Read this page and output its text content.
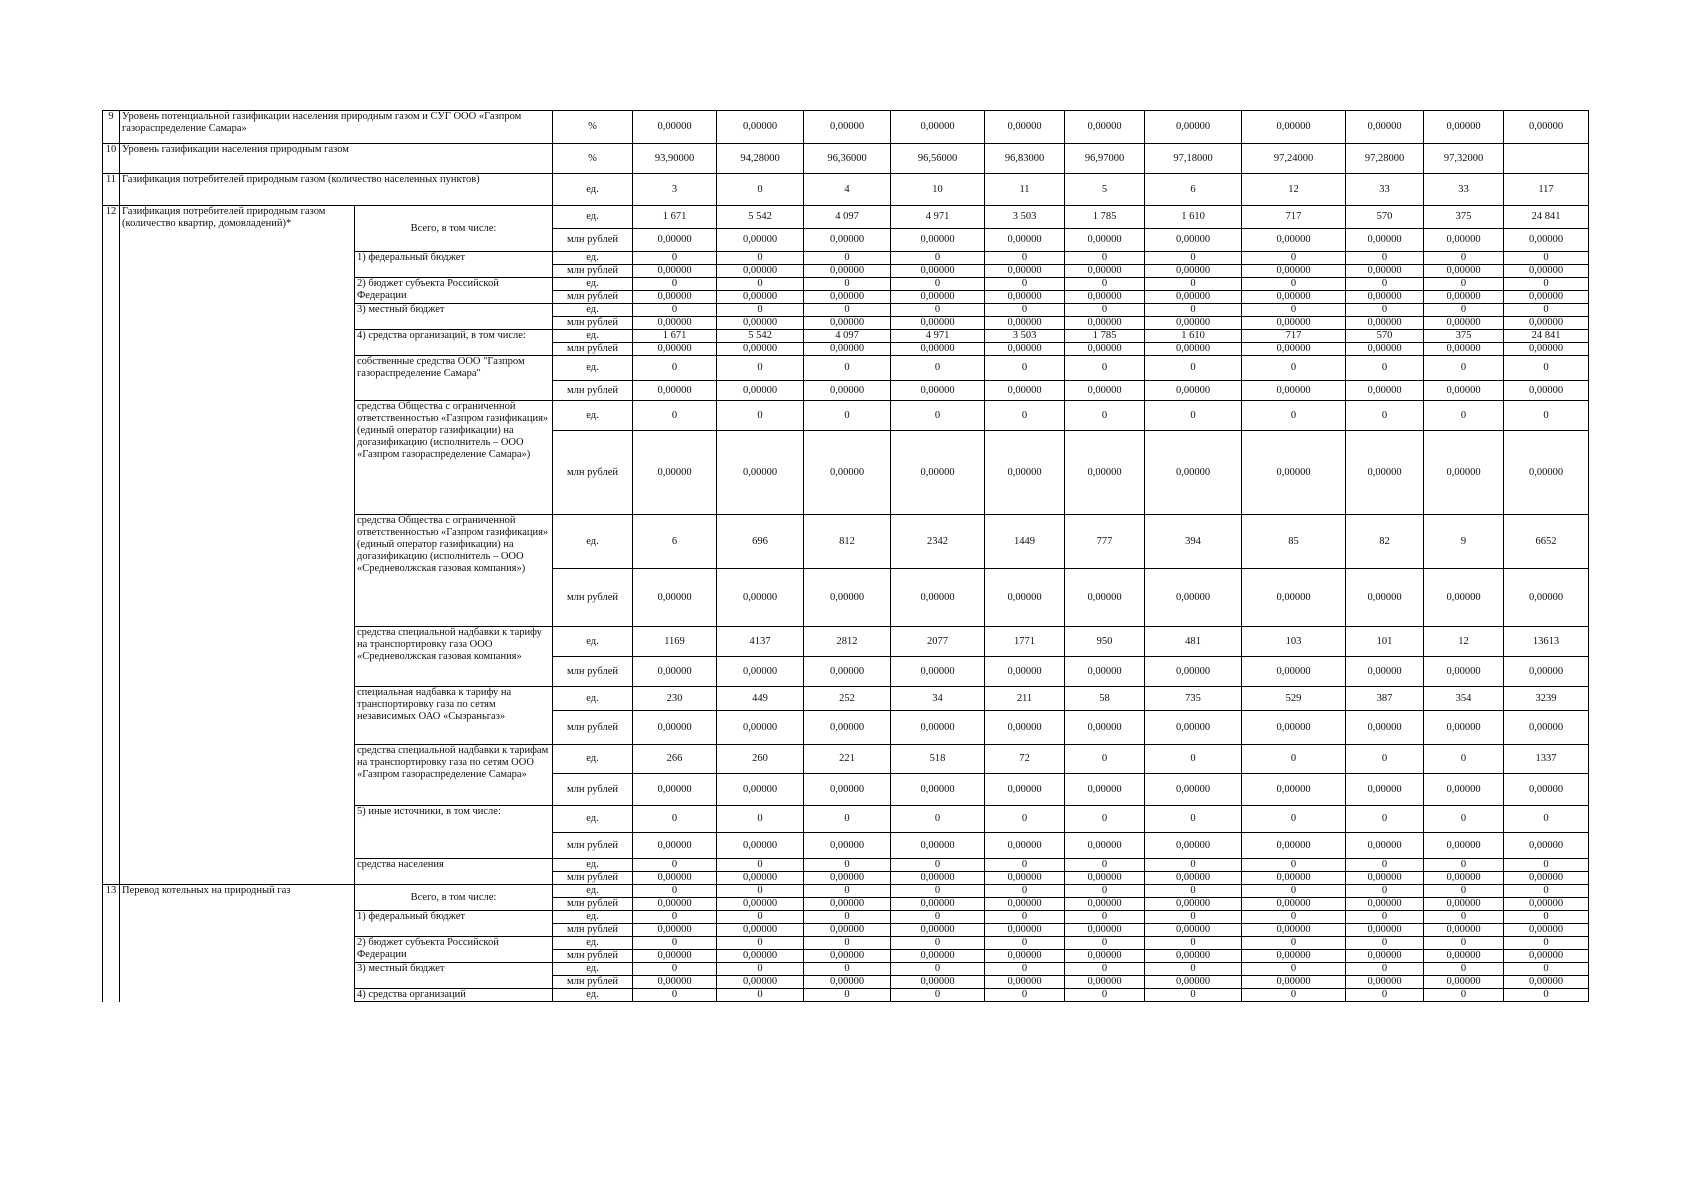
9	Уровень потенциальной газификации населения природным газом и СУГ ООО «Газпром газораспределение Самара»		%	0,00000	0,00000	0,00000	0,00000	0,00000	0,00000	0,00000	0,00000	0,00000	0,00000	0,00000
10	Уровень газификации населения природным газом		%	93,90000	94,28000	96,36000	96,56000	96,83000	96,97000	97,18000	97,24000	97,28000	97,32000	
11	Газификация потребителей природным газом (количество населенных пунктов)		ед.	3	0	4	10	11	5	6	12	33	33	117
12	Газификация потребителей природным газом (количество квартир, домовладений)*	Всего, в том числе:	ед.	1 671	5 542	4 097	4 971	3 503	1 785	1 610	717	570	375	24 841
			млн рублей	0,00000	0,00000	0,00000	0,00000	0,00000	0,00000	0,00000	0,00000	0,00000	0,00000	0,00000
		1) федеральный бюджет	ед.	0	0	0	0	0	0	0	0	0	0	0
			млн рублей	0,00000	0,00000	0,00000	0,00000	0,00000	0,00000	0,00000	0,00000	0,00000	0,00000	0,00000
		2) бюджет субъекта Российской Федерации	ед.	0	0	0	0	0	0	0	0	0	0	0
			млн рублей	0,00000	0,00000	0,00000	0,00000	0,00000	0,00000	0,00000	0,00000	0,00000	0,00000	0,00000
		3) местный бюджет	ед.	0	0	0	0	0	0	0	0	0	0	0
			млн рублей	0,00000	0,00000	0,00000	0,00000	0,00000	0,00000	0,00000	0,00000	0,00000	0,00000	0,00000
		4) средства организаций, в том числе:	ед.	1 671	5 542	4 097	4 971	3 503	1 785	1 610	717	570	375	24 841
			млн рублей	0,00000	0,00000	0,00000	0,00000	0,00000	0,00000	0,00000	0,00000	0,00000	0,00000	0,00000
		собственные средства ООО "Газпром газораспределение Самара"	ед.	0	0	0	0	0	0	0	0	0	0	0
			млн рублей	0,00000	0,00000	0,00000	0,00000	0,00000	0,00000	0,00000	0,00000	0,00000	0,00000	0,00000
		средства Общества с ограниченной ответственностью «Газпром газификация» (единый оператор газификации) на догазификацию (исполнитель – ООО «Газпром газораспределение Самара»)	ед.	0	0	0	0	0	0	0	0	0	0	0
			млн рублей	0,00000	0,00000	0,00000	0,00000	0,00000	0,00000	0,00000	0,00000	0,00000	0,00000	0,00000
		средства Общества с ограниченной ответственностью «Газпром газификация» (единый оператор газификации) на догазификацию (исполнитель – ООО «Средневолжская газовая компания»)	ед.	6	696	812	2342	1449	777	394	85	82	9	6652
			млн рублей	0,00000	0,00000	0,00000	0,00000	0,00000	0,00000	0,00000	0,00000	0,00000	0,00000	0,00000
		средства специальной надбавки к тарифу на транспортировку газа ООО «Средневолжская газовая компания»	ед.	1169	4137	2812	2077	1771	950	481	103	101	12	13613
			млн рублей	0,00000	0,00000	0,00000	0,00000	0,00000	0,00000	0,00000	0,00000	0,00000	0,00000	0,00000
		специальная надбавка к тарифу на транспортировку газа по сетям независимых ОАО «Сызраньгаз»	ед.	230	449	252	34	211	58	735	529	387	354	3239
			млн рублей	0,00000	0,00000	0,00000	0,00000	0,00000	0,00000	0,00000	0,00000	0,00000	0,00000	0,00000
		средства специальной надбавки к тарифам на транспортировку газа по сетям ООО «Газпром газораспределение Самара»	ед.	266	260	221	518	72	0	0	0	0	0	1337
			млн рублей	0,00000	0,00000	0,00000	0,00000	0,00000	0,00000	0,00000	0,00000	0,00000	0,00000	0,00000
		5) иные источники, в том числе:	ед.	0	0	0	0	0	0	0	0	0	0	0
			млн рублей	0,00000	0,00000	0,00000	0,00000	0,00000	0,00000	0,00000	0,00000	0,00000	0,00000	0,00000
		средства населения	ед.	0	0	0	0	0	0	0	0	0	0	0
			млн рублей	0,00000	0,00000	0,00000	0,00000	0,00000	0,00000	0,00000	0,00000	0,00000	0,00000	0,00000
13	Перевод котельных на природный газ	Всего, в том числе:	ед.	0	0	0	0	0	0	0	0	0	0	0
			млн рублей	0,00000	0,00000	0,00000	0,00000	0,00000	0,00000	0,00000	0,00000	0,00000	0,00000	0,00000
		1) федеральный бюджет	ед.	0	0	0	0	0	0	0	0	0	0	0
			млн рублей	0,00000	0,00000	0,00000	0,00000	0,00000	0,00000	0,00000	0,00000	0,00000	0,00000	0,00000
		2) бюджет субъекта Российской Федерации	ед.	0	0	0	0	0	0	0	0	0	0	0
			млн рублей	0,00000	0,00000	0,00000	0,00000	0,00000	0,00000	0,00000	0,00000	0,00000	0,00000	0,00000
		3) местный бюджет	ед.	0	0	0	0	0	0	0	0	0	0	0
			млн рублей	0,00000	0,00000	0,00000	0,00000	0,00000	0,00000	0,00000	0,00000	0,00000	0,00000	0,00000
		4) средства организаций	ед.	0	0	0	0	0	0	0	0	0	0	0
